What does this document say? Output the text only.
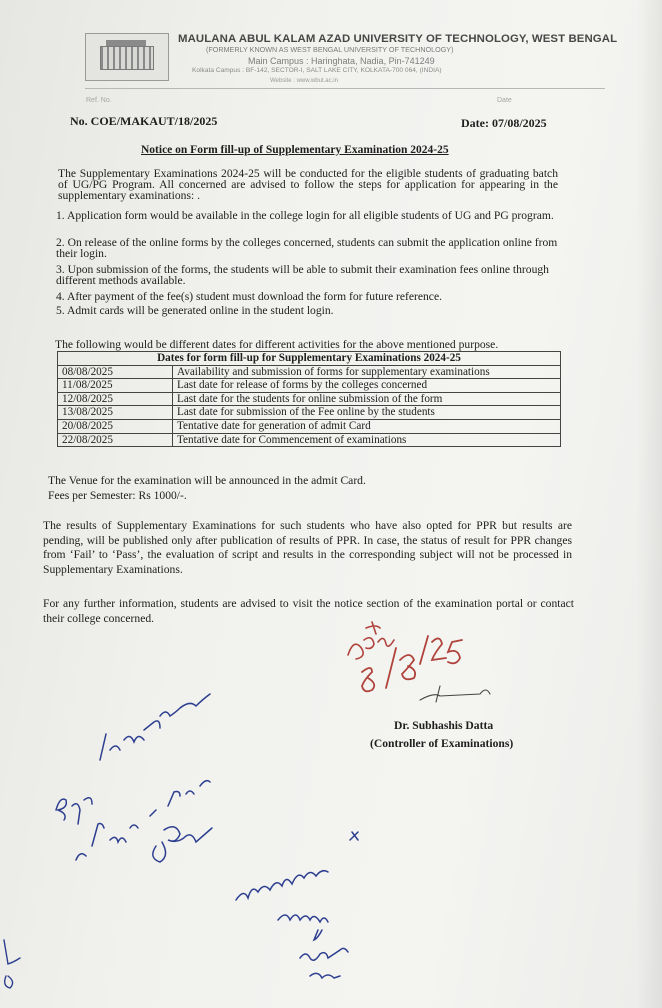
MAULANA ABUL KALAM AZAD UNIVERSITY OF TECHNOLOGY, WEST BENGAL
(FORMERLY KNOWN AS WEST BENGAL UNIVERSITY OF TECHNOLOGY)
Main Campus : Haringhata, Nadia, Pin-741249
Kolkata Campus : BF-142, SECTOR-I, SALT LAKE CITY, KOLKATA-700 064, (INDIA)
Website : www.wbut.ac.in
Ref. No.	Date
No. COE/MAKAUT/18/2025	Date: 07/08/2025
Notice on Form fill-up of Supplementary Examination 2024-25
The Supplementary Examinations 2024-25 will be conducted for the eligible students of graduating batch of UG/PG Program. All concerned are advised to follow the steps for application for appearing in the supplementary examinations: .
1. Application form would be available in the college login for all eligible students of UG and PG program.
2. On release of the online forms by the colleges concerned, students can submit the application online from their login.
3. Upon submission of the forms, the students will be able to submit their examination fees online through different methods available.
4. After payment of the fee(s) student must download the form for future reference.
5. Admit cards will be generated online in the student login.
The following would be different dates for different activities for the above mentioned purpose.
Dates for form fill-up for Supplementary Examinations 2024-25	
08/08/2025	Availability and submission of forms for supplementary examinations
11/08/2025	Last date for release of forms by the colleges concerned
12/08/2025	Last date for the students for online submission of the form
13/08/2025	Last date for submission of the Fee online by the students
20/08/2025	Tentative date for generation of admit Card
22/08/2025	Tentative date for Commencement of examinations
The Venue for the examination will be announced in the admit Card.
Fees per Semester: Rs 1000/-.
The results of Supplementary Examinations for such students who have also opted for PPR but results are pending, will be published only after publication of results of PPR. In case, the status of result for PPR changes from ‘Fail’ to ‘Pass’, the evaluation of script and results in the corresponding subject will not be processed in Supplementary Examinations.
For any further information, students are advised to visit the notice section of the examination portal or contact their college concerned.
Dr. Subhashis Datta
(Controller of Examinations)
